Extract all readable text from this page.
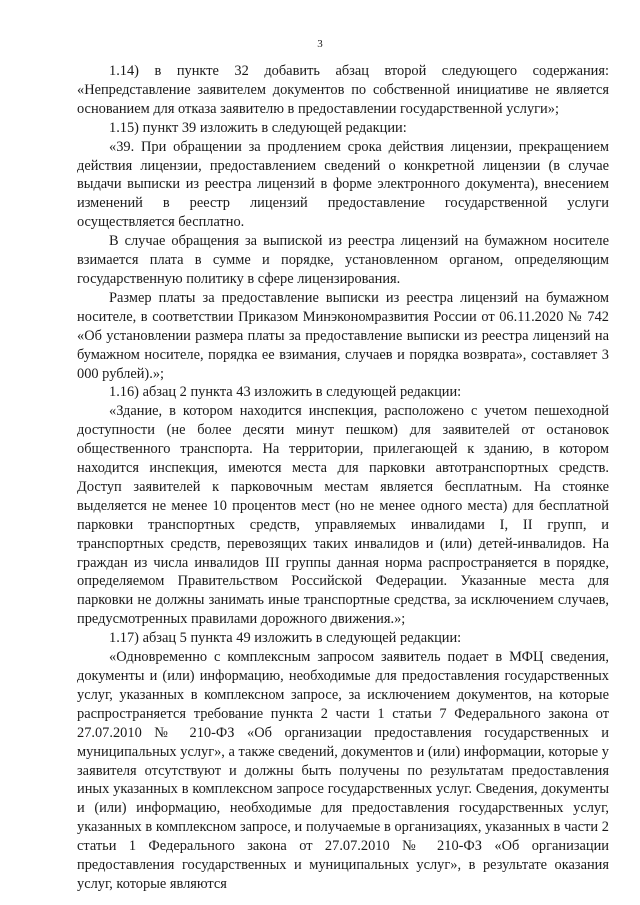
3

1.14) в пункте 32 добавить абзац второй следующего содержания: «Непредставление заявителем документов по собственной инициативе не является основанием для отказа заявителю в предоставлении государственной услуги»;

1.15) пункт 39 изложить в следующей редакции:

«39. При обращении за продлением срока действия лицензии, прекращением действия лицензии, предоставлением сведений о конкретной лицензии (в случае выдачи выписки из реестра лицензий в форме электронного документа), внесением изменений в реестр лицензий предоставление государственной услуги осуществляется бесплатно.

В случае обращения за выпиской из реестра лицензий на бумажном носителе взимается плата в сумме и порядке, установленном органом, определяющим государственную политику в сфере лицензирования.

Размер платы за предоставление выписки из реестра лицензий на бумажном носителе, в соответствии Приказом Минэкономразвития России от 06.11.2020 № 742 «Об установлении размера платы за предоставление выписки из реестра лицензий на бумажном носителе, порядка ее взимания, случаев и порядка возврата», составляет 3 000 рублей).»;

1.16) абзац 2 пункта 43 изложить в следующей редакции:

«Здание, в котором находится инспекция, расположено с учетом пешеходной доступности (не более десяти минут пешком) для заявителей от остановок общественного транспорта. На территории, прилегающей к зданию, в котором находится инспекция, имеются места для парковки автотранспортных средств. Доступ заявителей к парковочным местам является бесплатным. На стоянке выделяется не менее 10 процентов мест (но не менее одного места) для бесплатной парковки транспортных средств, управляемых инвалидами I, II групп, и транспортных средств, перевозящих таких инвалидов и (или) детей-инвалидов. На граждан из числа инвалидов III группы данная норма распространяется в порядке, определяемом Правительством Российской Федерации. Указанные места для парковки не должны занимать иные транспортные средства, за исключением случаев, предусмотренных правилами дорожного движения.»;

1.17) абзац 5 пункта 49 изложить в следующей редакции:

«Одновременно с комплексным запросом заявитель подает в МФЦ сведения, документы и (или) информацию, необходимые для предоставления государственных услуг, указанных в комплексном запросе, за исключением документов, на которые распространяется требование пункта 2 части 1 статьи 7 Федерального закона от 27.07.2010 № 210-ФЗ «Об организации предоставления государственных и муниципальных услуг», а также сведений, документов и (или) информации, которые у заявителя отсутствуют и должны быть получены по результатам предоставления иных указанных в комплексном запросе государственных услуг. Сведения, документы и (или) информацию, необходимые для предоставления государственных услуг, указанных в комплексном запросе, и получаемые в организациях, указанных в части 2 статьи 1 Федерального закона от 27.07.2010 № 210-ФЗ «Об организации предоставления государственных и муниципальных услуг», в результате оказания услуг, которые являются
